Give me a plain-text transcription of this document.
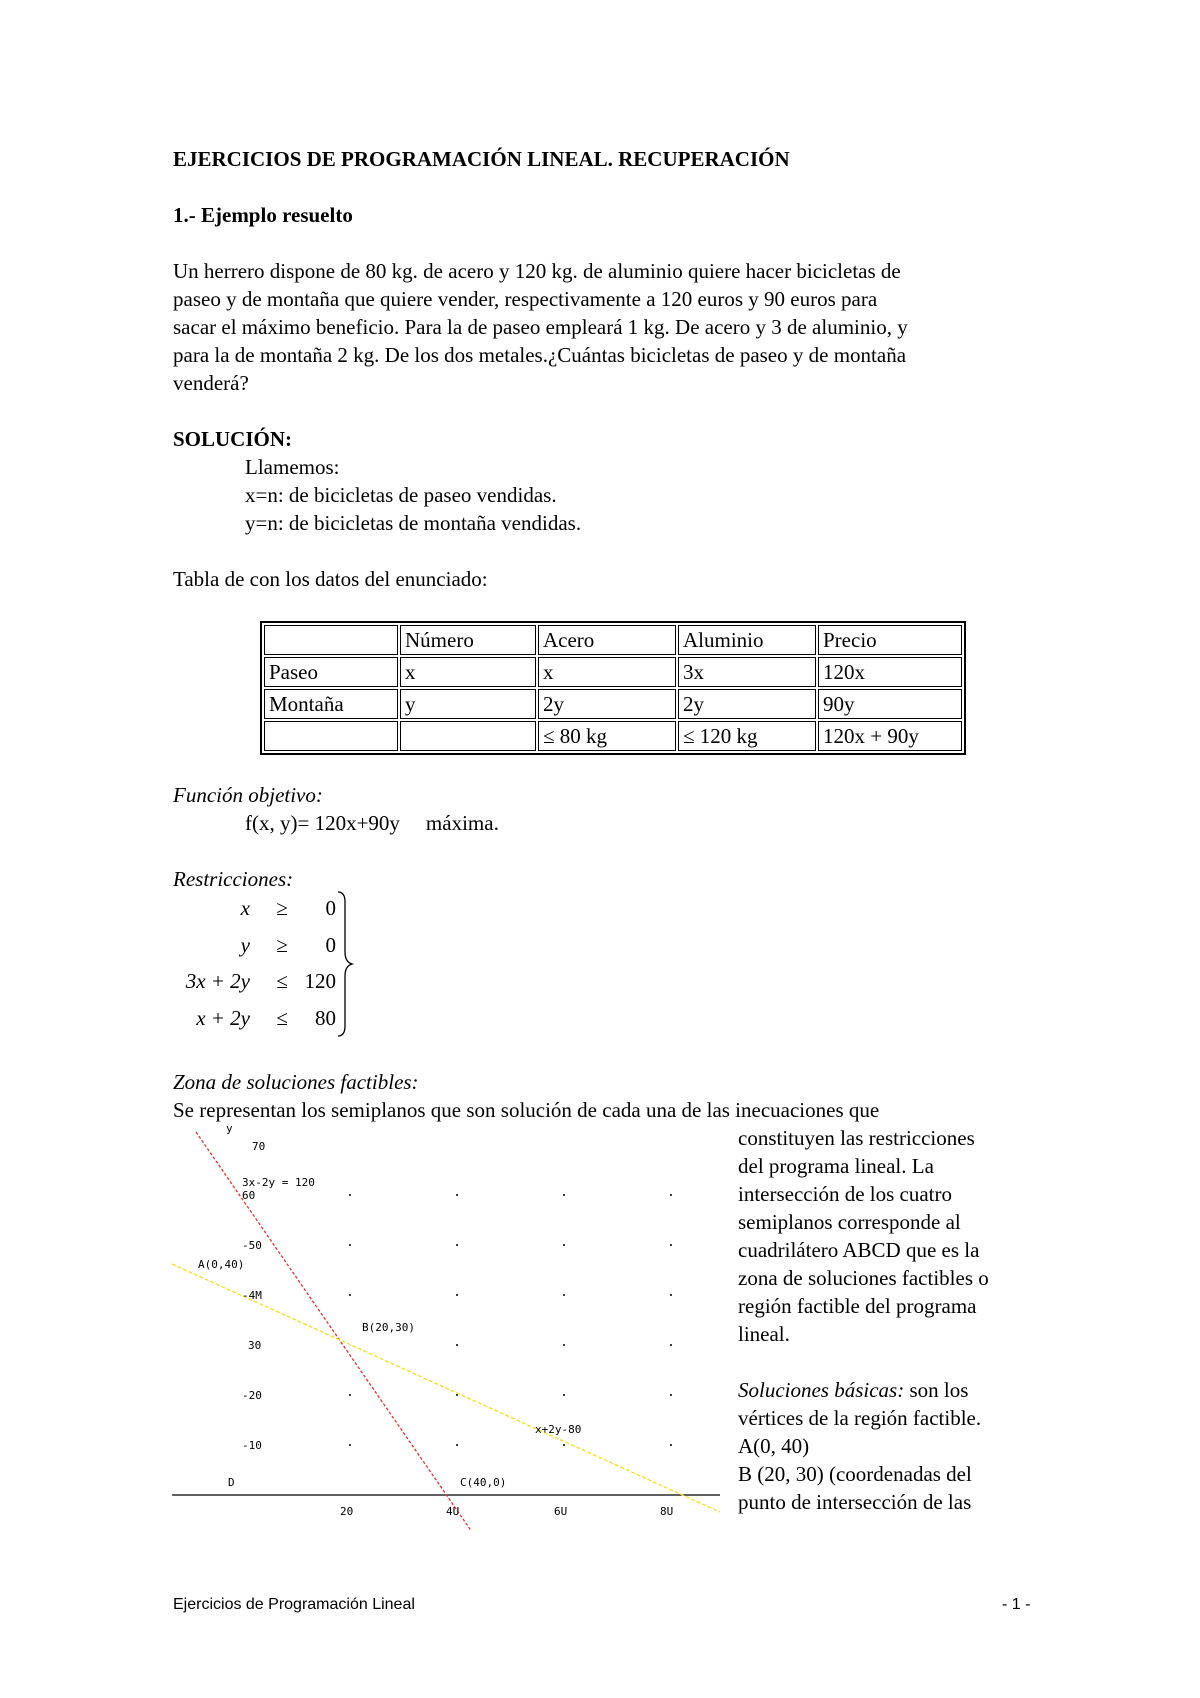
EJERCICIOS DE PROGRAMACIÓN LINEAL. RECUPERACIÓN
1.- Ejemplo resuelto
Un herrero dispone de 80 kg. de acero y 120 kg. de aluminio quiere hacer bicicletas de
paseo y de montaña que quiere vender, respectivamente a 120 euros y 90 euros para
sacar el máximo beneficio. Para la de paseo empleará 1 kg. De acero y 3 de aluminio, y
para la de montaña 2 kg. De los dos metales.¿Cuántas bicicletas de paseo y de montaña
venderá?
SOLUCIÓN:
Llamemos:
x=n: de bicicletas de paseo vendidas.
y=n: de bicicletas de montaña vendidas.
Tabla de con los datos del enunciado:
	Número	Acero	Aluminio	Precio
Paseo	x	x	3x	120x
Montaña	y	2y	2y	90y
		≤ 80 kg	≤ 120 kg	120x + 90y
Función objetivo:
f(x, y)= 120x+90y máxima.
Restricciones:
x ≥	0
y ≥	0
3x + 2y ≤ 120
x + 2y ≤	80
Zona de soluciones factibles:
Se representan los semiplanos que son solución de cada una de las inecuaciones que
constituyen las restricciones
del programa lineal. La
intersección de los cuatro
semiplanos corresponde al
cuadrilátero ABCD que es la
zona de soluciones factibles o
región factible del programa
lineal.
Soluciones básicas: son los
vértices de la región factible.
A(0, 40)
B (20, 30) (coordenadas del
punto de intersección de las
y
70
60
-50
-4M
30
-20
-10
20	4U	6U	8U
3x-2y = 120
x+2y-80
A(0,40)
B(20,30)
C(40,0)
D
Ejercicios de Programación Lineal	- 1 -
